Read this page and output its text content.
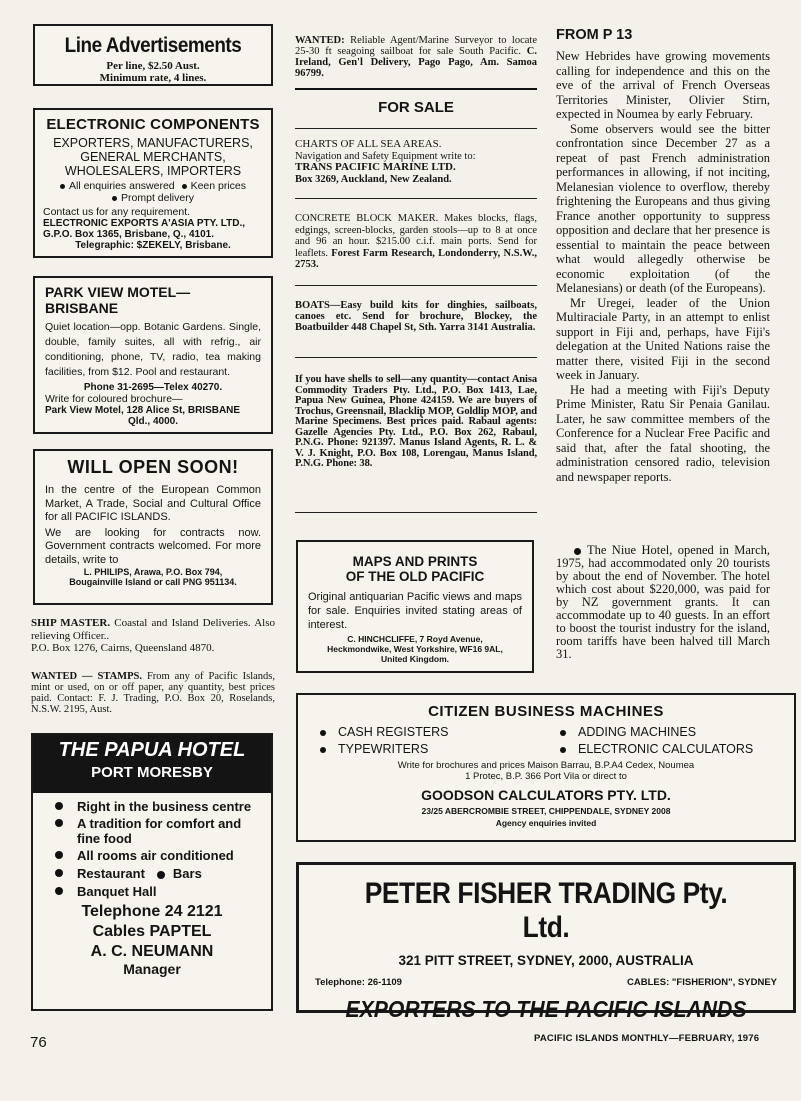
Line Advertisements
Per line, $2.50 Aust.
Minimum rate, 4 lines.
ELECTRONIC COMPONENTS
EXPORTERS, MANUFACTURERS,
GENERAL MERCHANTS,
WHOLESALERS, IMPORTERS
All enquiries answered Keen prices
Prompt delivery
Contact us for any requirement.
ELECTRONIC EXPORTS A'ASIA PTY. LTD.,
G.P.O. Box 1365, Brisbane, Q., 4101.
Telegraphic: $ZEKELY, Brisbane.
PARK VIEW MOTEL—BRISBANE
Quiet location—opp. Botanic Gardens. Single, double, family suites, all with refrig., air conditioning, phone, TV, radio, tea making facilities, from $12. Pool and restaurant.
Phone 31-2695—Telex 40270.
Write for coloured brochure—
Park View Motel, 128 Alice St, BRISBANE
Qld., 4000.
WILL OPEN SOON!
In the centre of the European Common Market, A Trade, Social and Cultural Office for all PACIFIC ISLANDS.
We are looking for contracts now. Government contracts welcomed. For more details, write to
L. PHILIPS, Arawa, P.O. Box 794,
Bougainville Island or call PNG 951134.
SHIP MASTER. Coastal and Island Deliveries. Also relieving Officer..
P.O. Box 1276, Cairns, Queensland 4870.
WANTED — STAMPS. From any of Pacific Islands, mint or used, on or off paper, any quantity, best prices paid. Contact: F. J. Trading, P.O. Box 20, Roselands, N.S.W. 2195, Aust.
THE PAPUA HOTEL
PORT MORESBY
Right in the business centre
A tradition for comfort and fine food
All rooms air conditioned
Restaurant Bars
Banquet Hall
Telephone 24 2121
Cables PAPTEL
A. C. NEUMANN
Manager
WANTED: Reliable Agent/Marine Surveyor to locate 25-30 ft seagoing sailboat for sale South Pacific. C. Ireland, Gen'l Delivery, Pago Pago, Am. Samoa 96799.
FOR SALE
CHARTS OF ALL SEA AREAS.
Navigation and Safety Equipment write to:
TRANS PACIFIC MARINE LTD.
Box 3269, Auckland, New Zealand.
CONCRETE BLOCK MAKER. Makes blocks, flags, edgings, screen-blocks, garden stools—up to 8 at once and 96 an hour. $215.00 c.i.f. main ports. Send for leaflets. Forest Farm Research, Londonderry, N.S.W., 2753.
BOATS—Easy build kits for dinghies, sailboats, canoes etc. Send for brochure, Blockey, the Boatbuilder 448 Chapel St, Sth. Yarra 3141 Australia.
If you have shells to sell—any quantity—contact Anisa Commodity Traders Pty. Ltd., P.O. Box 1413, Lae, Papua New Guinea, Phone 424159. We are buyers of Trochus, Greensnail, Blacklip MOP, Goldlip MOP, and Marine Specimens. Best prices paid. Rabaul agents: Gazelle Agencies Pty. Ltd., P.O. Box 262, Rabaul, P.N.G. Phone: 921397. Manus Island Agents, R. L. & V. J. Knight, P.O. Box 108, Lorengau, Manus Island, P.N.G. Phone: 38.
MAPS AND PRINTS
OF THE OLD PACIFIC
Original antiquarian Pacific views and maps for sale. Enquiries invited stating areas of interest.
C. HINCHCLIFFE, 7 Royd Avenue,
Heckmondwike, West Yorkshire, WF16 9AL,
United Kingdom.
FROM P 13

New Hebrides have growing movements calling for independence and this on the eve of the arrival of French Overseas Territories Minister, Olivier Stirn, expected in Noumea by early February.

Some observers would see the bitter confrontation since December 27 as a repeat of past French administration performances in allowing, if not inciting, Melanesian violence to overflow, thereby frightening the Europeans and thus giving France another opportunity to suppress opposition and declare that her presence is essential to maintain the peace between what would allegedly otherwise be economic exploitation (of the Melanesians) or death (of the Europeans).

Mr Uregei, leader of the Union Multiraciale Party, in an attempt to enlist support in Fiji and, perhaps, have Fiji's delegation at the United Nations raise the matter there, visited Fiji in the second week in January.

He had a meeting with Fiji's Deputy Prime Minister, Ratu Sir Penaia Ganilau. Later, he saw committee members of the Conference for a Nuclear Free Pacific and said that, after the fatal shooting, the administration censored radio, television and newspaper reports.

The Niue Hotel, opened in March, 1975, had accommodated only 20 tourists by about the end of November. The hotel which cost about $220,000, was paid for by NZ government grants. It can accommodate up to 40 guests. In an effort to boost the tourist industry for the island, room tariffs have been halved till March 31.

CITIZEN BUSINESS MACHINES
CASH REGISTERS	ADDING MACHINES
TYPEWRITERS	ELECTRONIC CALCULATORS
Write for brochures and prices Maison Barrau, B.P.A4 Cedex, Noumea
1 Protec, B.P. 366 Port Vila or direct to
GOODSON CALCULATORS PTY. LTD.
23/25 ABERCROMBIE STREET, CHIPPENDALE, SYDNEY 2008
Agency enquiries invited
PETER FISHER TRADING Pty. Ltd.
321 PITT STREET, SYDNEY, 2000, AUSTRALIA
Telephone: 26-1109	CABLES: "FISHERION", SYDNEY
EXPORTERS TO THE PACIFIC ISLANDS
76	PACIFIC ISLANDS MONTHLY—FEBRUARY, 1976
